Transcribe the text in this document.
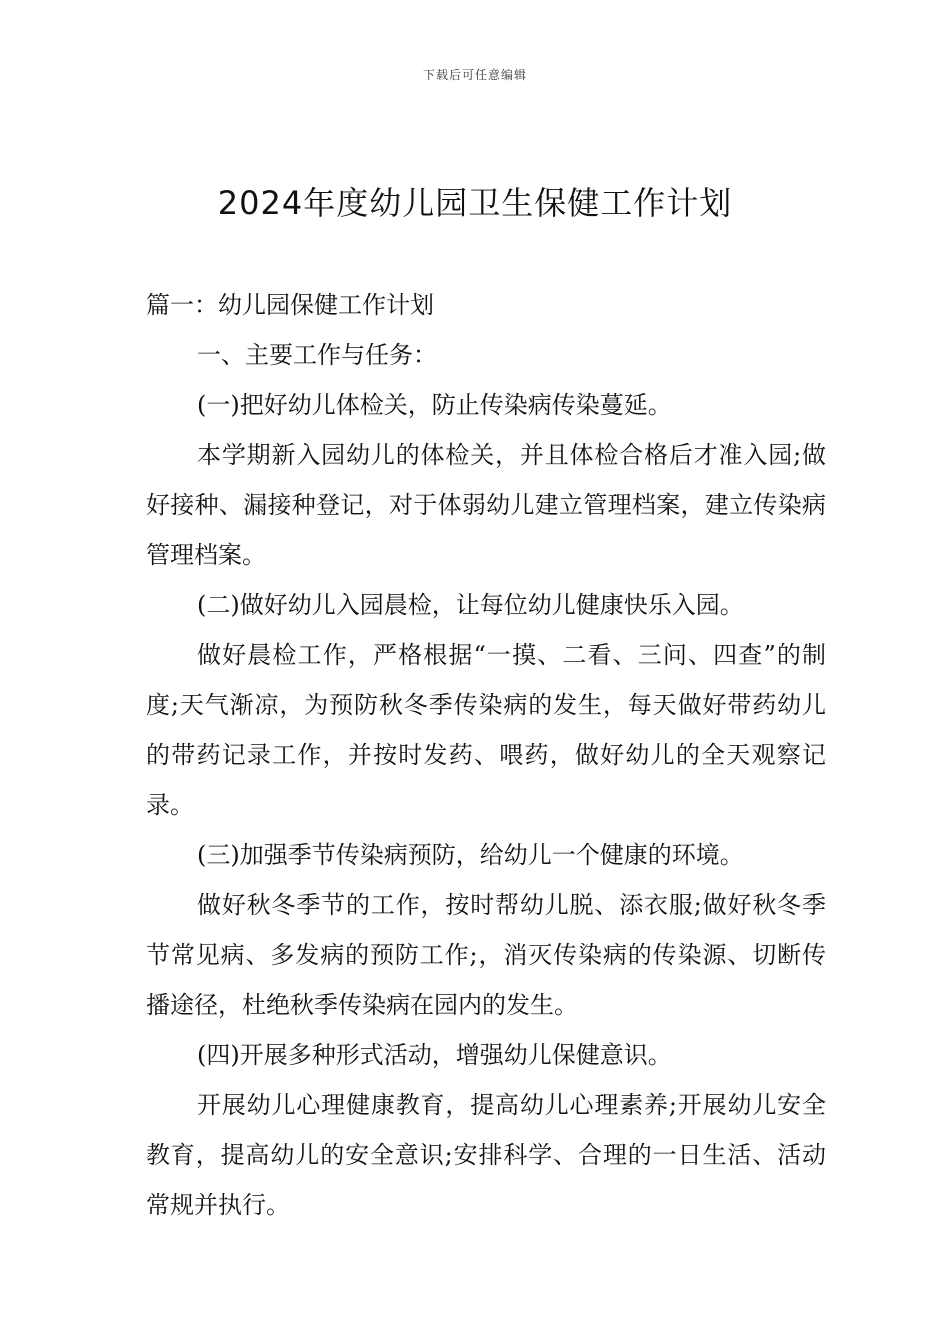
下载后可任意编辑
2024年度幼儿园卫生保健工作计划

篇一：幼儿园保健工作计划

一、主要工作与任务：

(一)把好幼儿体检关，防止传染病传染蔓延。

本学期新入园幼儿的体检关，并且体检合格后才准入园;做好接种、漏接种登记，对于体弱幼儿建立管理档案，建立传染病管理档案。

(二)做好幼儿入园晨检，让每位幼儿健康快乐入园。

做好晨检工作，严格根据“一摸、二看、三问、四查”的制度;天气渐凉，为预防秋冬季传染病的发生，每天做好带药幼儿的带药记录工作，并按时发药、喂药，做好幼儿的全天观察记录。

(三)加强季节传染病预防，给幼儿一个健康的环境。

做好秋冬季节的工作，按时帮幼儿脱、添衣服;做好秋冬季节常见病、多发病的预防工作;，消灭传染病的传染源、切断传播途径，杜绝秋季传染病在园内的发生。

(四)开展多种形式活动，增强幼儿保健意识。

开展幼儿心理健康教育，提高幼儿心理素养;开展幼儿安全教育，提高幼儿的安全意识;安排科学、合理的一日生活、活动常规并执行。
